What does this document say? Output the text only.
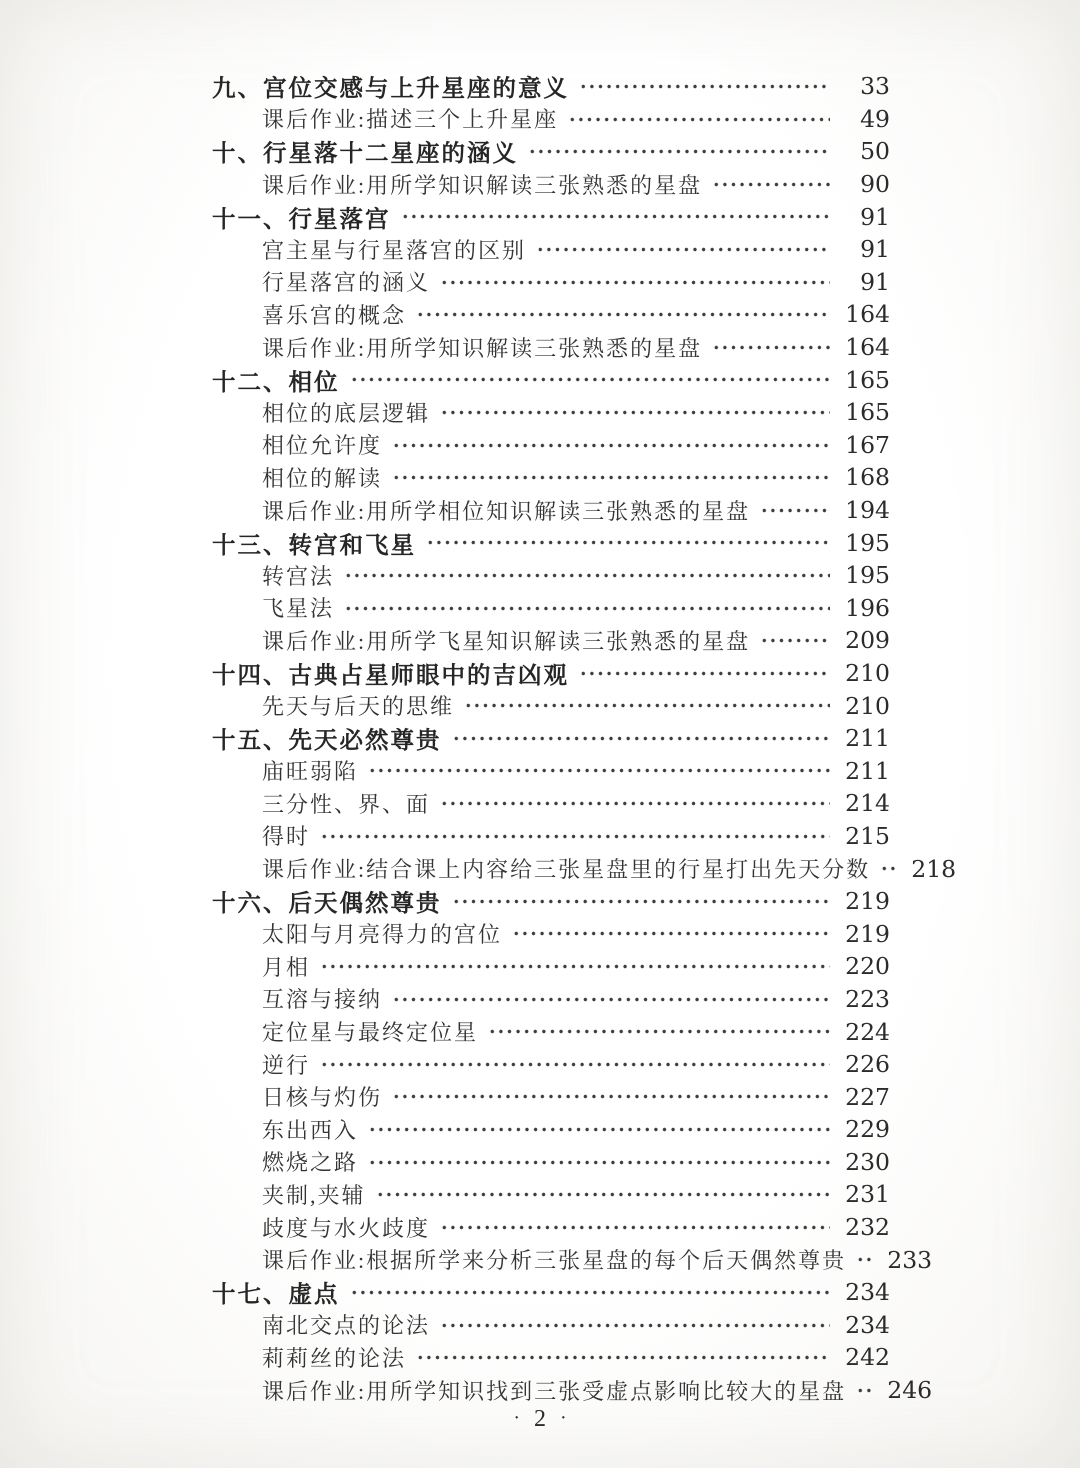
九、宫位交感与上升星座的意义	33
课后作业:描述三个上升星座	49
十、行星落十二星座的涵义	50
课后作业:用所学知识解读三张熟悉的星盘	90
十一、行星落宫	91
宫主星与行星落宫的区别	91
行星落宫的涵义	91
喜乐宫的概念	164
课后作业:用所学知识解读三张熟悉的星盘	164
十二、相位	165
相位的底层逻辑	165
相位允许度	167
相位的解读	168
课后作业:用所学相位知识解读三张熟悉的星盘	194
十三、转宫和飞星	195
转宫法	195
飞星法	196
课后作业:用所学飞星知识解读三张熟悉的星盘	209
十四、古典占星师眼中的吉凶观	210
先天与后天的思维	210
十五、先天必然尊贵	211
庙旺弱陷	211
三分性、界、面	214
得时	215
课后作业:结合课上内容给三张星盘里的行星打出先天分数 218
十六、后天偶然尊贵	219
太阳与月亮得力的宫位	219
月相	220
互溶与接纳	223
定位星与最终定位星	224
逆行	226
日核与灼伤	227
东出西入	229
燃烧之路	230
夹制,夹辅	231
歧度与水火歧度	232
课后作业:根据所学来分析三张星盘的每个后天偶然尊贵 233
十七、虚点	234
南北交点的论法	234
莉莉丝的论法	242
课后作业:用所学知识找到三张受虚点影响比较大的星盘 246
· 2 ·
